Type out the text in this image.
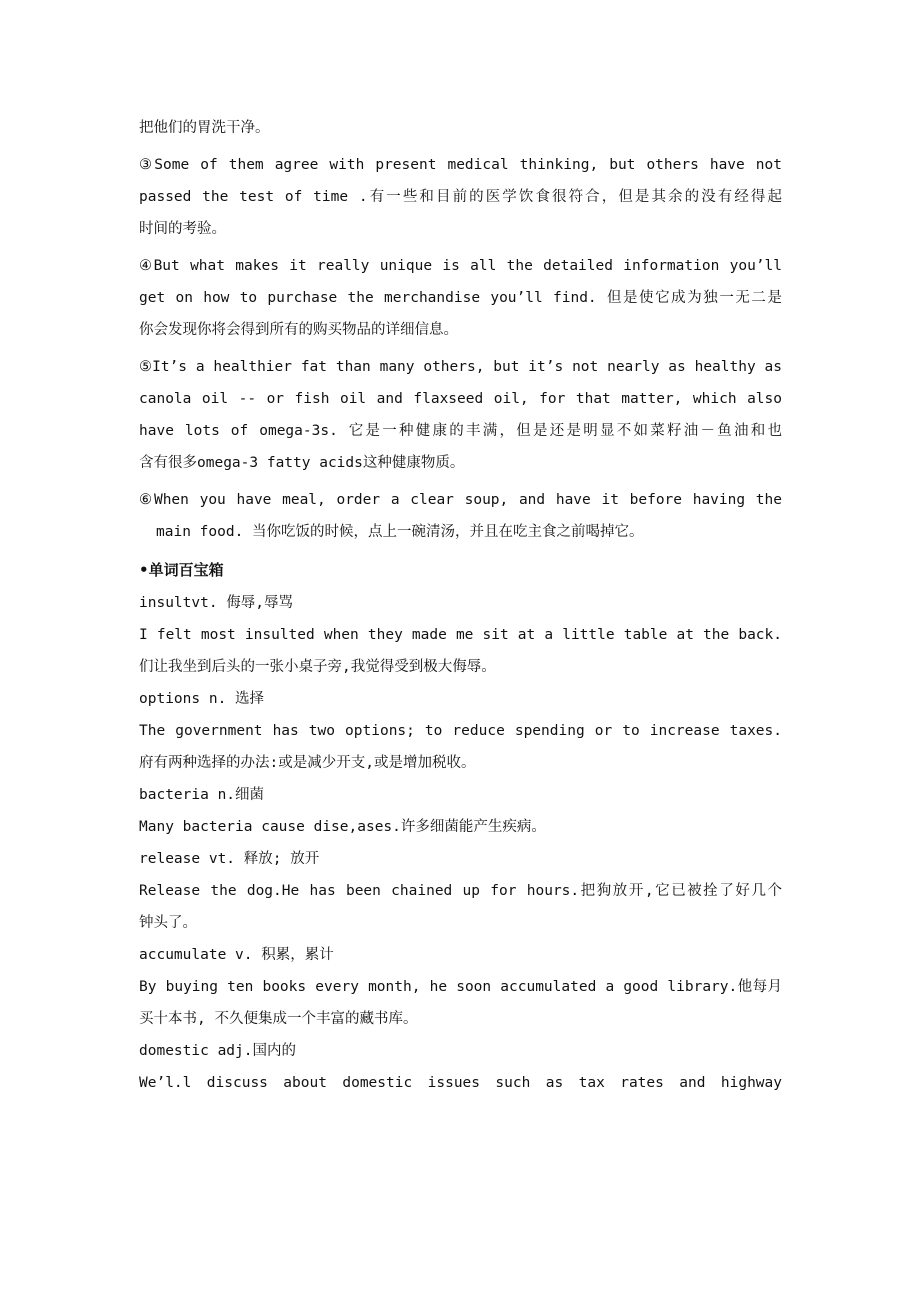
把他们的胃洗干净。
③Some of them agree with present medical thinking, but others have not
passed the test of time .有一些和目前的医学饮食很符合，但是其余的没有经得起
时间的考验。
④But what makes it really unique is all the detailed information you’ll
get on how to purchase the merchandise you’ll find. 但是使它成为独一无二是
你会发现你将会得到所有的购买物品的详细信息。
⑤It’s a healthier fat than many others, but it’s not nearly as healthy as
canola oil -- or fish oil and flaxseed oil, for that matter, which also
have lots of omega-3s. 它是一种健康的丰满，但是还是明显不如菜籽油－鱼油和也
含有很多omega-3 fatty acids这种健康物质。
⑥When you have meal, order a clear soup, and have it before having the
main food. 当你吃饭的时候，点上一碗清汤，并且在吃主食之前喝掉它。
•单词百宝箱
insultvt. 侮辱,辱骂
I felt most insulted when they made me sit at a little table at the back.
们让我坐到后头的一张小桌子旁,我觉得受到极大侮辱。
options n. 选择
The government has two options; to reduce spending or to increase taxes.
府有两种选择的办法:或是减少开支,或是增加税收。
bacteria n.细菌
Many bacteria cause dise,ases.许多细菌能产生疾病。
release vt. 释放; 放开
Release the dog.He has been chained up for hours.把狗放开,它已被拴了好几个
钟头了。
accumulate v. 积累，累计
By buying ten books every month, he soon accumulated a good library.他每月
买十本书, 不久便集成一个丰富的藏书库。
domestic adj.国内的
We’l.l discuss about domestic issues such as tax rates and highway
